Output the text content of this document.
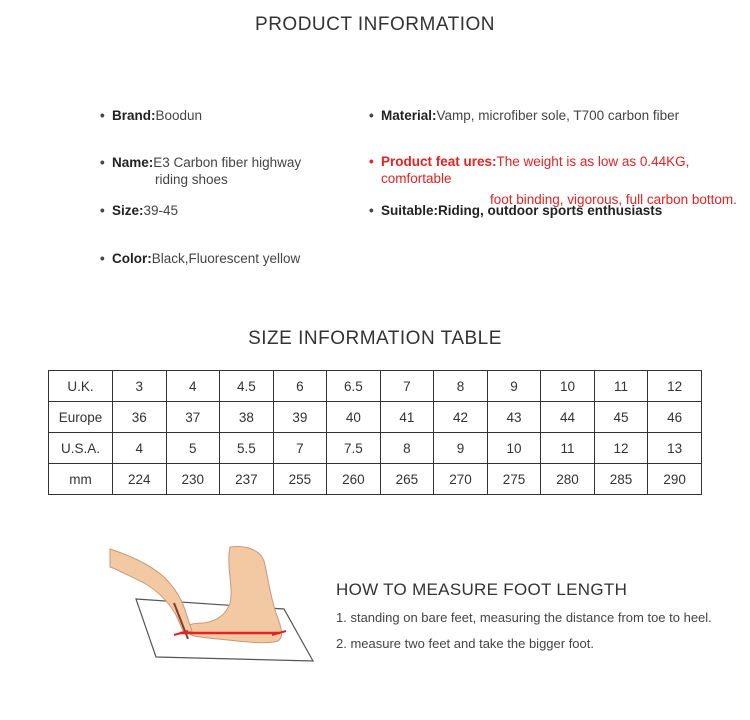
PRODUCT INFORMATION
• Brand:Boodun
• Name:E3 Carbon fiber highway
riding shoes
• Size:39-45
• Color:Black,Fluorescent yellow
• Material:Vamp, microfiber sole, T700 carbon fiber
• Product feat ures:The weight is as low as 0.44KG, comfortable
foot binding, vigorous, full carbon bottom.
• Suitable:Riding, outdoor sports enthusiasts
SIZE INFORMATION TABLE
U.K.	3	4	4.5	6	6.5	7	8	9	10	11	12
Europe	36	37	38	39	40	41	42	43	44	45	46
U.S.A.	4	5	5.5	7	7.5	8	9	10	11	12	13
mm	224	230	237	255	260	265	270	275	280	285	290
HOW TO MEASURE FOOT LENGTH
1. standing on bare feet, measuring the distance from toe to heel.
2. measure two feet and take the bigger foot.
